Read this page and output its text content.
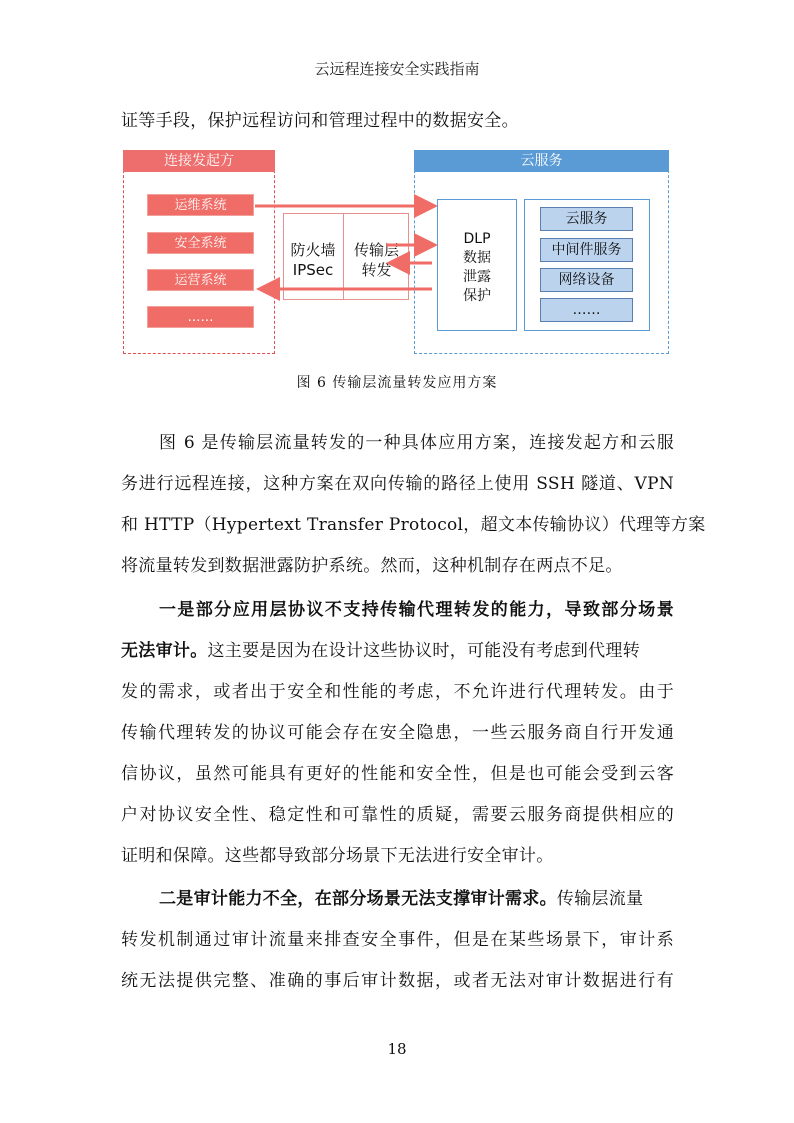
云远程连接安全实践指南
证等手段，保护远程访问和管理过程中的数据安全。
连接发起方
运维系统
安全系统
运营系统
……
防火墙
IPSec
传输层
转发
云服务
DLP
数据
泄露
保护
云服务
中间件服务
网络设备
……
图 6 传输层流量转发应用方案
图 6 是传输层流量转发的一种具体应用方案，连接发起方和云服
务进行远程连接，这种方案在双向传输的路径上使用 SSH 隧道、VPN
和 HTTP（Hypertext Transfer Protocol，超文本传输协议）代理等方案
将流量转发到数据泄露防护系统。然而，这种机制存在两点不足。
一是部分应用层协议不支持传输代理转发的能力，导致部分场景
无法审计。这主要是因为在设计这些协议时，可能没有考虑到代理转
发的需求，或者出于安全和性能的考虑，不允许进行代理转发。由于
传输代理转发的协议可能会存在安全隐患，一些云服务商自行开发通
信协议，虽然可能具有更好的性能和安全性，但是也可能会受到云客
户对协议安全性、稳定性和可靠性的质疑，需要云服务商提供相应的
证明和保障。这些都导致部分场景下无法进行安全审计。
二是审计能力不全，在部分场景无法支撑审计需求。传输层流量
转发机制通过审计流量来排查安全事件，但是在某些场景下，审计系
统无法提供完整、准确的事后审计数据，或者无法对审计数据进行有
18
